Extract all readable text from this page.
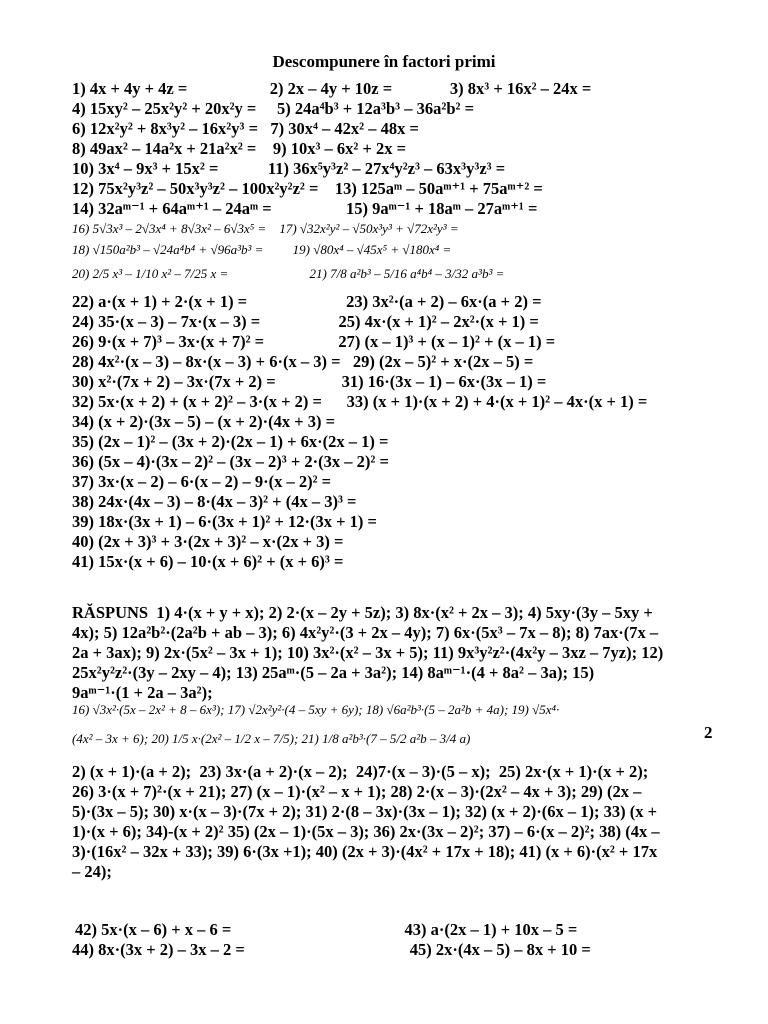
Descompunere în factori primi
1) 4x + 4y + 4z =                    2) 2x – 4y + 10z =              3) 8x³ + 16x² – 24x =
4) 15xy² – 25x²y² + 20x²y =     5) 24a⁴b³ + 12a³b³ – 36a²b² =
6) 12x²y² + 8x³y² – 16x²y³ =   7) 30x⁴ – 42x² – 48x =
8) 49ax² – 14a²x + 21a²x² =    9) 10x³ – 6x² + 2x =
10) 3x⁴ – 9x³ + 15x² =            11) 36x⁵y³z² – 27x⁴y²z³ – 63x³y³z³ =
12) 75x²y³z² – 50x³y³z² – 100x²y²z² =    13) 125aᵐ – 50aᵐ⁺¹ + 75aᵐ⁺² =
14) 32aᵐ⁻¹ + 64aᵐ⁺¹ – 24aᵐ =                  15) 9aᵐ⁻¹ + 18aᵐ – 27aᵐ⁺¹ =
16) 5√3x³ – 2√3x⁴ + 8√3x² – 6√3x⁵ =    17) √32x²y² – √50x³y³ + √72x²y³ =
18) √150a²b³ – √24a⁴b⁴ + √96a³b³ =         19) √80x⁴ – √45x⁵ + √180x⁴ =
20) 2/5 x³ – 1/10 x² – 7/25 x =                         21) 7/8 a²b³ – 5/16 a⁴b⁴ – 3/32 a³b³ =
22) a·(x + 1) + 2·(x + 1) =                        23) 3x²·(a + 2) – 6x·(a + 2) =
24) 35·(x – 3) – 7x·(x – 3) =                   25) 4x·(x + 1)² – 2x²·(x + 1) =
26) 9·(x + 7)³ – 3x·(x + 7)² =                  27) (x – 1)³ + (x – 1)² + (x – 1) =
28) 4x²·(x – 3) – 8x·(x – 3) + 6·(x – 3) =   29) (2x – 5)² + x·(2x – 5) =
30) x²·(7x + 2) – 3x·(7x + 2) =                31) 16·(3x – 1) – 6x·(3x – 1) =
32) 5x·(x + 2) + (x + 2)² – 3·(x + 2) =      33) (x + 1)·(x + 2) + 4·(x + 1)² – 4x·(x + 1) =
34) (x + 2)·(3x – 5) – (x + 2)·(4x + 3) =
35) (2x – 1)² – (3x + 2)·(2x – 1) + 6x·(2x – 1) =
36) (5x – 4)·(3x – 2)² – (3x – 2)³ + 2·(3x – 2)² =
37) 3x·(x – 2) – 6·(x – 2) – 9·(x – 2)² =
38) 24x·(4x – 3) – 8·(4x – 3)² + (4x – 3)³ =
39) 18x·(3x + 1) – 6·(3x + 1)² + 12·(3x + 1) =
40) (2x + 3)³ + 3·(2x + 3)² – x·(2x + 3) =
41) 15x·(x + 6) – 10·(x + 6)² + (x + 6)³ =
RĂSPUNS  1) 4·(x + y + x); 2) 2·(x – 2y + 5z); 3) 8x·(x² + 2x – 3); 4) 5xy·(3y – 5xy +
4x); 5) 12a²b²·(2a²b + ab – 3); 6) 4x²y²·(3 + 2x – 4y); 7) 6x·(5x³ – 7x – 8); 8) 7ax·(7x –
2a + 3ax); 9) 2x·(5x² – 3x + 1); 10) 3x²·(x² – 3x + 5); 11) 9x³y²z²·(4x²y – 3xz – 7yz); 12)
25x²y²z²·(3y – 2xy – 4); 13) 25aᵐ·(5 – 2a + 3a²); 14) 8aᵐ⁻¹·(4 + 8a² – 3a); 15)
9aᵐ⁻¹·(1 + 2a – 3a²);
16) √3x²·(5x – 2x² + 8 – 6x³); 17) √2x²y²·(4 – 5xy + 6y); 18) √6a²b³·(5 – 2a²b + 4a); 19) √5x⁴·
(4x² – 3x + 6); 20) 1/5 x·(2x² – 1/2 x – 7/5); 21) 1/8 a²b³·(7 – 5/2 a²b – 3/4 a)	2
2) (x + 1)·(a + 2);  23) 3x·(a + 2)·(x – 2);  24)7·(x – 3)·(5 – x);  25) 2x·(x + 1)·(x + 2);
26) 3·(x + 7)²·(x + 21); 27) (x – 1)·(x² – x + 1); 28) 2·(x – 3)·(2x² – 4x + 3); 29) (2x –
5)·(3x – 5); 30) x·(x – 3)·(7x + 2); 31) 2·(8 – 3x)·(3x – 1); 32) (x + 2)·(6x – 1); 33) (x +
1)·(x + 6); 34)-(x + 2)² 35) (2x – 1)·(5x – 3); 36) 2x·(3x – 2)²; 37) – 6·(x – 2)²; 38) (4x –
3)·(16x² – 32x + 33); 39) 6·(3x +1); 40) (2x + 3)·(4x² + 17x + 18); 41) (x + 6)·(x² + 17x
– 24);
42) 5x·(x – 6) + x – 6 =                                          43) a·(2x – 1) + 10x – 5 =
44) 8x·(3x + 2) – 3x – 2 =                                        45) 2x·(4x – 5) – 8x + 10 =
